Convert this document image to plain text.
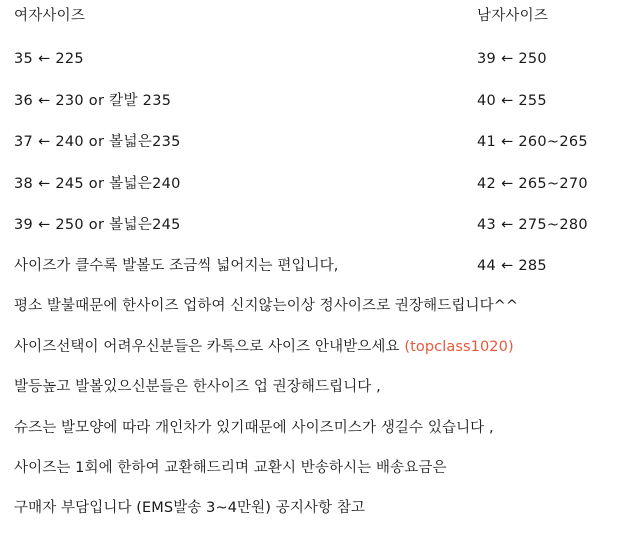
여자사이즈
35 ← 225
36 ← 230 or 칼발 235
37 ← 240 or 볼넓은235
38 ← 245 or 볼넓은240
39 ← 250 or 볼넓은245
남자사이즈
39 ← 250
40 ← 255
41 ← 260~265
42 ← 265~270
43 ← 275~280
44 ← 285
사이즈가 클수록 발볼도 조금씩 넓어지는 편입니다,
평소 발불때문에 한사이즈 업하여 신지않는이상 정사이즈로 권장해드립니다^^
사이즈선택이 어려우신분들은 카톡으로 사이즈 안내받으세요 (topclass1020)
발등높고 발볼있으신분들은 한사이즈 업 권장해드립니다 ,
슈즈는 발모양에 따라 개인차가 있기때문에 사이즈미스가 생길수 있습니다 ,
사이즈는 1회에 한하여 교환해드리며 교환시 반송하시는 배송요금은
구매자 부담입니다 (EMS발송 3~4만원) 공지사항 참고
